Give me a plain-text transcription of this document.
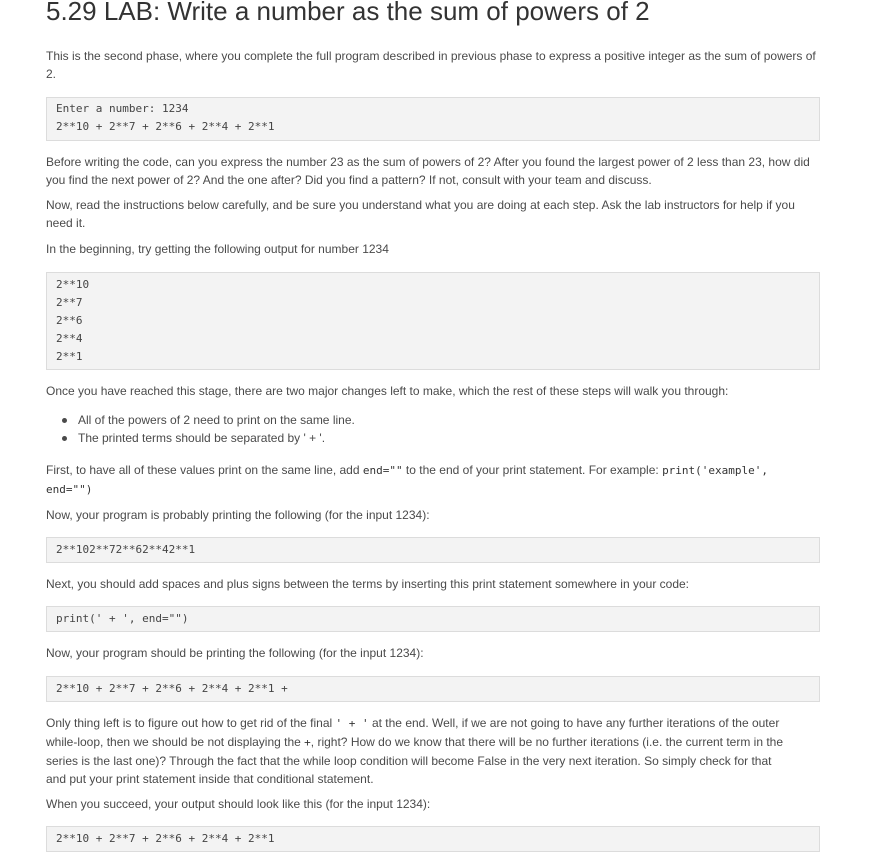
5.29 LAB: Write a number as the sum of powers of 2

This is the second phase, where you complete the full program described in previous phase to express a positive integer as the sum of powers of 2.

Enter a number: 1234
2**10 + 2**7 + 2**6 + 2**4 + 2**1

Before writing the code, can you express the number 23 as the sum of powers of 2? After you found the largest power of 2 less than 23, how did you find the next power of 2? And the one after? Did you find a pattern? If not, consult with your team and discuss.

Now, read the instructions below carefully, and be sure you understand what you are doing at each step. Ask the lab instructors for help if you need it.

In the beginning, try getting the following output for number 1234

2**10
2**7
2**6
2**4
2**1

Once you have reached this stage, there are two major changes left to make, which the rest of these steps will walk you through:

All of the powers of 2 need to print on the same line.
The printed terms should be separated by ' + '.

First, to have all of these values print on the same line, add end="" to the end of your print statement. For example: print('example',
end="")

Now, your program is probably printing the following (for the input 1234):

2**102**72**62**42**1

Next, you should add spaces and plus signs between the terms by inserting this print statement somewhere in your code:

print(' + ', end="")

Now, your program should be printing the following (for the input 1234):

2**10 + 2**7 + 2**6 + 2**4 + 2**1 +

Only thing left is to figure out how to get rid of the final ' + ' at the end. Well, if we are not going to have any further iterations of the outer
while-loop, then we should be not displaying the +, right? How do we know that there will be no further iterations (i.e. the current term in the
series is the last one)? Through the fact that the while loop condition will become False in the very next iteration. So simply check for that
and put your print statement inside that conditional statement.

When you succeed, your output should look like this (for the input 1234):

2**10 + 2**7 + 2**6 + 2**4 + 2**1
